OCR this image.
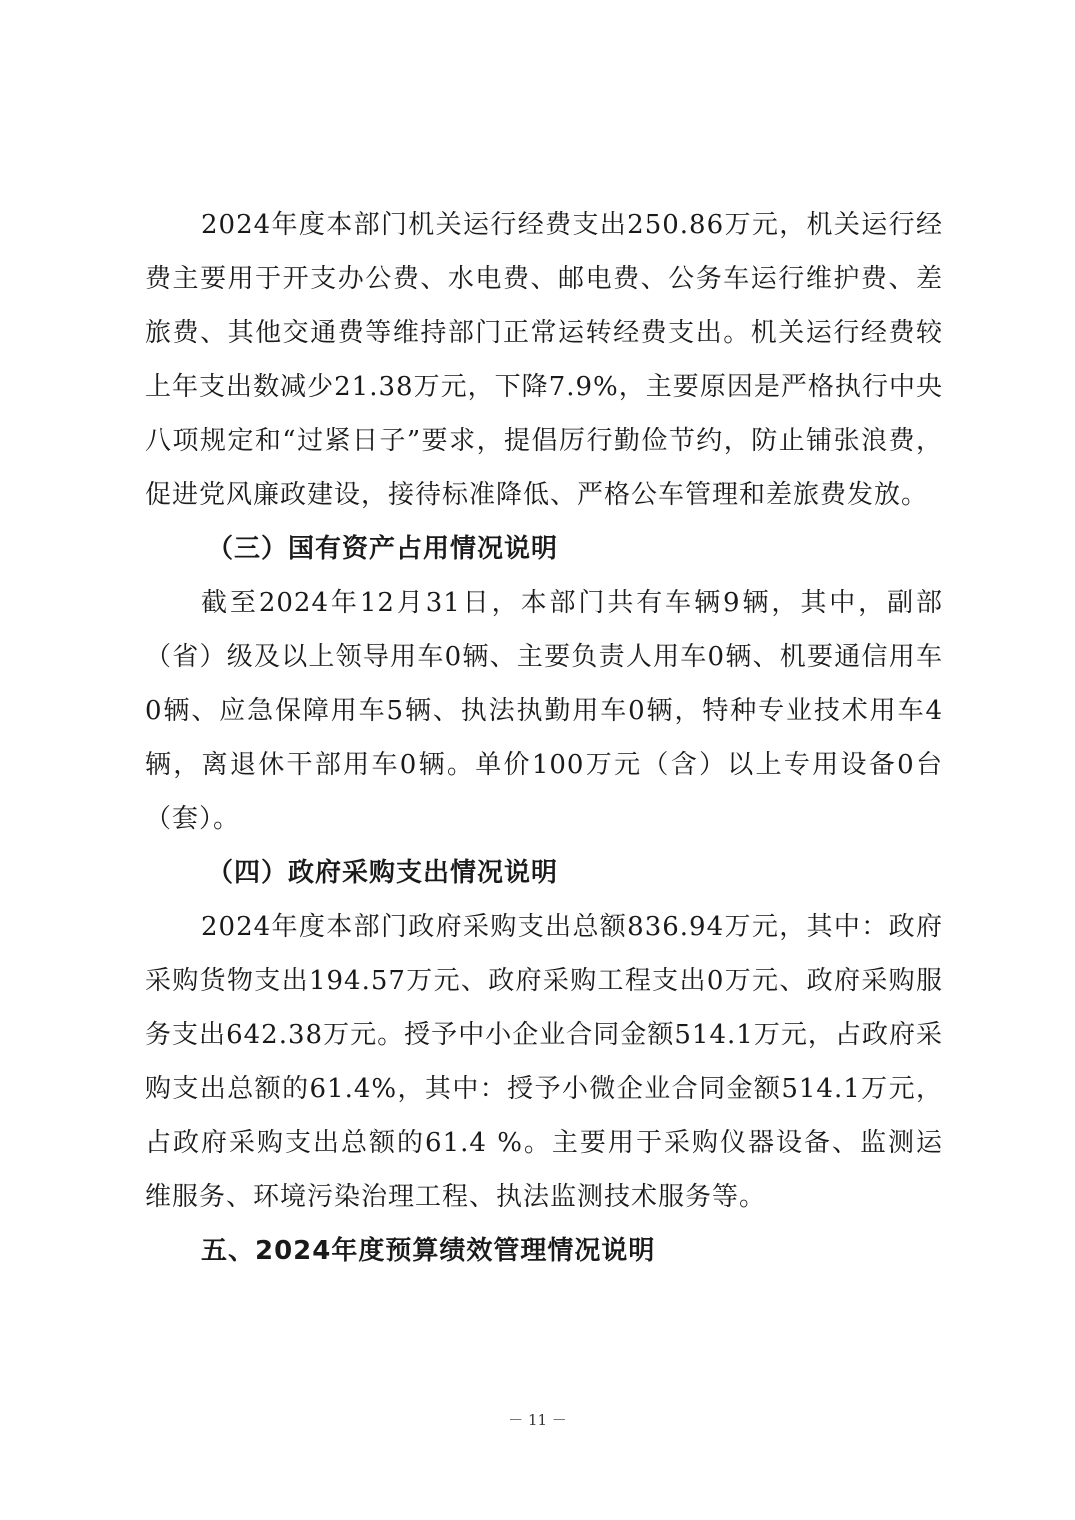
2024年度本部门机关运行经费支出250.86万元，机关运行经费主要用于开支办公费、水电费、邮电费、公务车运行维护费、差旅费、其他交通费等维持部门正常运转经费支出。机关运行经费较上年支出数减少21.38万元，下降7.9%，主要原因是严格执行中央八项规定和“过紧日子”要求，提倡厉行勤俭节约，防止铺张浪费，促进党风廉政建设，接待标准降低、严格公车管理和差旅费发放。

（三）国有资产占用情况说明

截至2024年12月31日，本部门共有车辆9辆，其中，副部（省）级及以上领导用车0辆、主要负责人用车0辆、机要通信用车0辆、应急保障用车5辆、执法执勤用车0辆，特种专业技术用车4辆，离退休干部用车0辆。单价100万元（含）以上专用设备0台（套）。

（四）政府采购支出情况说明

2024年度本部门政府采购支出总额836.94万元，其中：政府采购货物支出194.57万元、政府采购工程支出0万元、政府采购服务支出642.38万元。授予中小企业合同金额514.1万元，占政府采购支出总额的61.4%，其中：授予小微企业合同金额514.1万元，占政府采购支出总额的61.4 %。主要用于采购仪器设备、监测运维服务、环境污染治理工程、执法监测技术服务等。

五、2024年度预算绩效管理情况说明

－ 11 －
